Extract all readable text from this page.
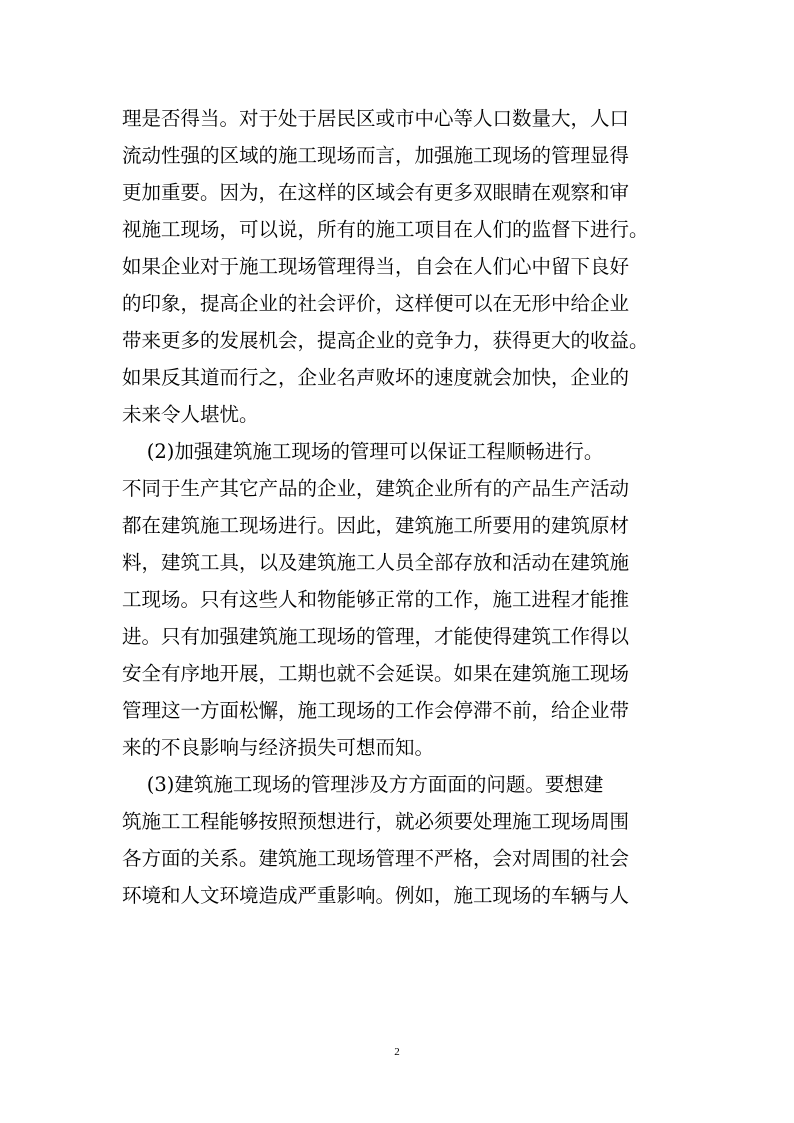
理是否得当。对于处于居民区或市中心等人口数量大，人口
流动性强的区域的施工现场而言，加强施工现场的管理显得
更加重要。因为，在这样的区域会有更多双眼睛在观察和审
视施工现场，可以说，所有的施工项目在人们的监督下进行。
如果企业对于施工现场管理得当，自会在人们心中留下良好
的印象，提高企业的社会评价，这样便可以在无形中给企业
带来更多的发展机会，提高企业的竞争力，获得更大的收益。
如果反其道而行之，企业名声败坏的速度就会加快，企业的
未来令人堪忧。
(2)加强建筑施工现场的管理可以保证工程顺畅进行。
不同于生产其它产品的企业，建筑企业所有的产品生产活动
都在建筑施工现场进行。因此，建筑施工所要用的建筑原材
料，建筑工具，以及建筑施工人员全部存放和活动在建筑施
工现场。只有这些人和物能够正常的工作，施工进程才能推
进。只有加强建筑施工现场的管理，才能使得建筑工作得以
安全有序地开展，工期也就不会延误。如果在建筑施工现场
管理这一方面松懈，施工现场的工作会停滞不前，给企业带
来的不良影响与经济损失可想而知。
(3)建筑施工现场的管理涉及方方面面的问题。要想建
筑施工工程能够按照预想进行，就必须要处理施工现场周围
各方面的关系。建筑施工现场管理不严格，会对周围的社会
环境和人文环境造成严重影响。例如，施工现场的车辆与人
2
